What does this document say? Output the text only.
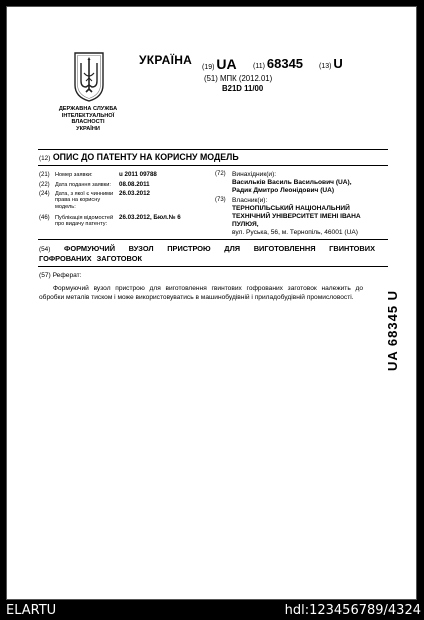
ДЕРЖАВНА СЛУЖБА
ІНТЕЛЕКТУАЛЬНОЇ
ВЛАСНОСТІ
УКРАЇНИ
УКРАЇНА
(19) UA (11) 68345 (13) U
(51) МПК (2012.01)
B21D 11/00
(12) ОПИС ДО ПАТЕНТУ НА КОРИСНУ МОДЕЛЬ
(21) Номер заявки:	u 2011 09788
(22) Дата подання заявки: 08.08.2011
(24) Дата, з якої є чинними
права на корисну
модель:
26.03.2012
(46) Публікація відомостей
про видачу патенту:
26.03.2012, Бюл.№ 6
(72) Винахідник(и):
Васильків Василь Васильович (UA),
Радик Дмитро Леонідович (UA)
(73) Власник(и):
ТЕРНОПІЛЬСЬКИЙ НАЦІОНАЛЬНИЙ
ТЕХНІЧНИЙ УНІВЕРСИТЕТ ІМЕНІ ІВАНА
ПУЛЮЯ,
вул. Руська, 56, м. Тернопіль, 46001 (UA)
(54) ФОРМУЮЧИЙ ВУЗОЛ ПРИСТРОЮ ДЛЯ ВИГОТОВЛЕННЯ ГВИНТОВИХ ГОФРОВАНИХ ЗАГОТОВОК
(57) Реферат:
Формуючий вузол пристрою для виготовлення гвинтових гофрованих заготовок належить до обробки металів тиском і може використовуватись в машинобудівній і приладобудівній промисловості.	UA 68345 U
ELARTU	hdl:123456789/4324
